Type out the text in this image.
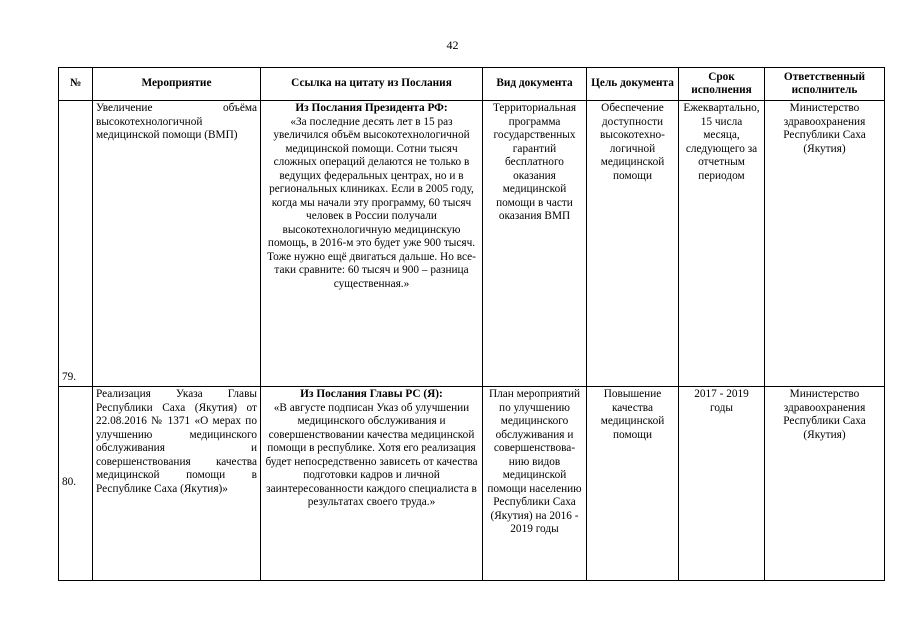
42
№	Мероприятие	Ссылка на цитату из Послания	Вид документа	Цель документа	Срок исполнения	Ответственный исполнитель
79.	Увеличение объёма высокотехнологичной медицинской помощи (ВМП)	Из Послания Президента РФ:
«За последние десять лет в 15 раз увеличился объём высокотехнологичной медицинской помощи. Сотни тысяч сложных операций делаются не только в ведущих федеральных центрах, но и в региональных клиниках. Если в 2005 году, когда мы начали эту программу, 60 тысяч человек в России получали высокотехнологичную медицинскую помощь, в 2016‑м это будет уже 900 тысяч. Тоже нужно ещё двигаться дальше. Но все-таки сравните: 60 тысяч и 900 – разница существенная.»	Территориальная программа государственных гарантий бесплатного оказания медицинской помощи в части оказания ВМП	Обеспечение доступности высокотехно-логичной медицинской помощи	Ежеквартально, 15 числа месяца, следующего за отчетным периодом	Министерство здравоохранения Республики Саха (Якутия)
80.	Реализация Указа Главы Республики Саха (Якутия) от 22.08.2016 № 1371 «О мерах по улучшению медицинского обслуживания и совершенствования качества медицинской помощи в Республике Саха (Якутия)»	Из Послания Главы РС (Я):
«В августе подписан Указ об улучшении медицинского обслуживания и совершенствовании качества медицинской помощи в республике. Хотя его реализация будет непосредственно зависеть от качества подготовки кадров и личной заинтересованности каждого специалиста в результатах своего труда.»	План мероприятий по улучшению медицинского обслуживания и совершенствова-нию видов медицинской помощи населению Республики Саха (Якутия) на 2016 - 2019 годы	Повышение качества медицинской помощи	2017 - 2019 годы	Министерство здравоохранения Республики Саха (Якутия)
